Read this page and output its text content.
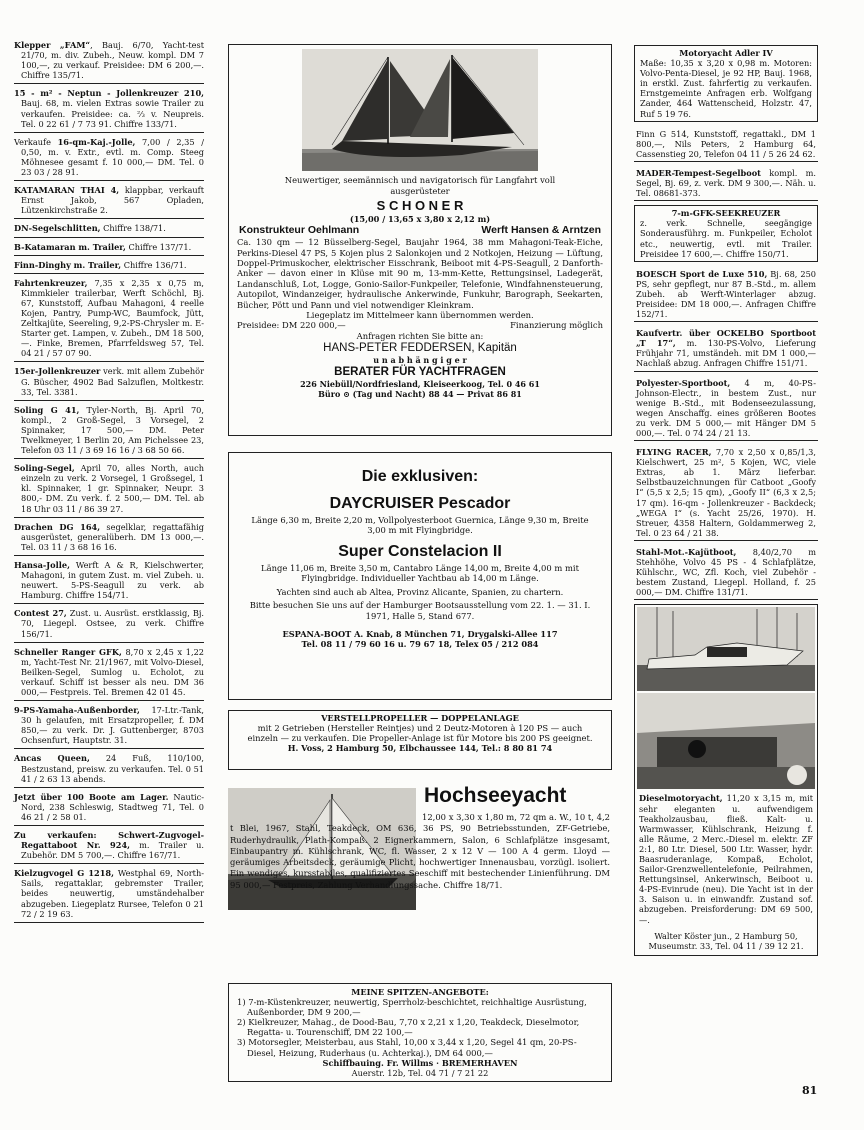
Klepper „FAM“, Bauj. 6/70, Yacht-test 21/70, m. div. Zubeh., Neuw. kompl. DM 7 100,—, zu verkauf. Preisidee: DM 6 200,—. Chiffre 135/71.
15 - m² - Neptun - Jollenkreuzer 210, Bauj. 68, m. vielen Extras sowie Trailer zu verkaufen. Preisidee: ca. ⅔ v. Neupreis. Tel. 0 22 61 / 7 73 91. Chiffre 133/71.
Verkaufe 16-qm-Kaj.-Jolle, 7,00 / 2,35 / 0,50, m. v. Extr., evtl. m. Comp. Steeg Möhnesee gesamt f. 10 000,— DM. Tel. 0 23 03 / 28 91.
KATAMARAN THAI 4, klappbar, verkauft Ernst Jakob, 567 Opladen, Lützenkirchstraße 2.
DN-Segelschlitten, Chiffre 138/71.
B-Katamaran m. Trailer, Chiffre 137/71.
Finn-Dinghy m. Trailer, Chiffre 136/71.
Fahrtenkreuzer, 7,35 x 2,35 x 0,75 m, Kimmkieler trailerbar, Werft Schöchl, Bj. 67, Kunststoff, Aufbau Mahagoni, 4 reelle Kojen, Pantry, Pump-WC, Baumfock, Jütt, Zeltkajüte, Seereling, 9,2-PS-Chrysler m. E-Starter get. Lampen, v. Zubeh., DM 18 500,—. Finke, Bremen, Pfarrfeldsweg 57, Tel. 04 21 / 57 07 90.
15er-Jollenkreuzer verk. mit allem Zubehör G. Büscher, 4902 Bad Salzuflen, Moltkestr. 33, Tel. 3381.
Soling G 41, Tyler-North, Bj. April 70, kompl., 2 Groß-Segel, 3 Vorsegel, 2 Spinnaker, 17 500,— DM. Peter Twelkmeyer, 1 Berlin 20, Am Pichelssee 23, Telefon 03 11 / 3 69 16 16 / 3 68 50 66.
Soling-Segel, April 70, alles North, auch einzeln zu verk. 2 Vorsegel, 1 Großsegel, 1 kl. Spinnaker, 1 gr. Spinnaker, Neupr. 3 800,- DM. Zu verk. f. 2 500,— DM. Tel. ab 18 Uhr 03 11 / 86 39 27.
Drachen DG 164, segelklar, regattafähig ausgerüstet, generalüberh. DM 13 000,—. Tel. 03 11 / 3 68 16 16.
Hansa-Jolle, Werft A & R, Kielschwerter, Mahagoni, in gutem Zust. m. viel Zubeh. u. neuwert. 5-PS-Seagull zu verk. ab Hamburg. Chiffre 154/71.
Contest 27, Zust. u. Ausrüst. erstklassig, Bj. 70, Liegepl. Ostsee, zu verk. Chiffre 156/71.
Schneller Ranger GFK, 8,70 x 2,45 x 1,22 m, Yacht-Test Nr. 21/1967, mit Volvo-Diesel, Beilken-Segel, Sumlog u. Echolot, zu verkauf. Schiff ist besser als neu. DM 36 000,— Festpreis. Tel. Bremen 42 01 45.
9-PS-Yamaha-Außenborder, 17-Ltr.-Tank, 30 h gelaufen, mit Ersatzpropeller, f. DM 850,— zu verk. Dr. J. Guttenberger, 8703 Ochsenfurt, Hauptstr. 31.
Ancas Queen, 24 Fuß, 110/100, Bestzustand, preisw. zu verkaufen. Tel. 0 51 41 / 2 63 13 abends.
Jetzt über 100 Boote am Lager. Nautic-Nord, 238 Schleswig, Stadtweg 71, Tel. 0 46 21 / 2 58 01.
Zu verkaufen: Schwert-Zugvogel-Regattaboot Nr. 924, m. Trailer u. Zubehör. DM 5 700,—. Chiffre 167/71.
Kielzugvogel G 1218, Westphal 69, North-Sails, regattaklar, gebremster Trailer, beides neuwertig, umständehalber abzugeben. Liegeplatz Rursee, Telefon 0 21 72 / 2 19 63.
Neuwertiger, seemännisch und navigatorisch für Langfahrt voll ausgerüsteter
S C H O N E R
(15,00 / 13,65 x 3,80 x 2,12 m)
Konstrukteur Oehlmann	Werft Hansen & Arntzen
Ca. 130 qm — 12 Büsselberg-Segel, Baujahr 1964, 38 mm Mahagoni-Teak-Eiche, Perkins-Diesel 47 PS, 5 Kojen plus 2 Salonkojen und 2 Notkojen, Heizung — Lüftung, Doppel-Primuskocher, elektrischer Eisschrank, Beiboot mit 4-PS-Seagull, 2 Danforth-Anker — davon einer in Klüse mit 90 m, 13-mm-Kette, Rettungsinsel, Ladegerät, Landanschluß, Lot, Logge, Gonio-Sailor-Funkpeiler, Telefonie, Windfahnensteuerung, Autopilot, Windanzeiger, hydraulische Ankerwinde, Funkuhr, Barograph, Seekarten, Bücher, Pött und Pann und viel notwendiger Kleinkram.
Liegeplatz im Mittelmeer kann übernommen werden.
Preisidee: DM 220 000,—	Finanzierung möglich
Anfragen richten Sie bitte an:
HANS-PETER FEDDERSEN, Kapitän
u n a b h ä n g i g e r
BERATER FÜR YACHTFRAGEN
226 Niebüll/Nordfriesland, Kleiseerkoog, Tel. 0 46 61
Büro ⊙ (Tag und Nacht) 88 44 — Privat 86 81
Die exklusiven:
DAYCRUISER Pescador
Länge 6,30 m, Breite 2,20 m, Vollpolyesterboot Guernica, Länge 9,30 m, Breite 3,00 m mit Flyingbridge.
Super Constelacion II
Länge 11,06 m, Breite 3,50 m, Cantabro Länge 14,00 m, Breite 4,00 m mit Flyingbridge. Individueller Yachtbau ab 14,00 m Länge.
Yachten sind auch ab Altea, Provinz Alicante, Spanien, zu chartern.
Bitte besuchen Sie uns auf der Hamburger Bootsausstellung vom 22. 1. — 31. I. 1971, Halle 5, Stand 677.
ESPANA-BOOT A. Knab, 8 München 71, Drygalski-Allee 117
Tel. 08 11 / 79 60 16 u. 79 67 18, Telex 05 / 212 084
VERSTELLPROPELLER — DOPPELANLAGE
mit 2 Getrieben (Hersteller Reintjes) und 2 Deutz-Motoren à 120 PS — auch einzeln — zu verkaufen. Die Propeller-Anlage ist für Motore bis 200 PS geeignet.
H. Voss, 2 Hamburg 50, Elbchaussee 144, Tel.: 8 80 81 74
Hochseeyacht
12,00 x 3,30 x 1,80 m, 72 qm a. W., 10 t, 4,2 t Blei, 1967, Stahl, Teakdeck, OM 636, 36 PS, 90 Betriebsstunden, ZF-Getriebe, Ruderhydraulik, Plath-Kompaß. 2 Eignerkammern, Salon, 6 Schlafplätze insgesamt, Einbaupantry m. Kühlschrank, WC, fl. Wasser, 2 x 12 V — 100 A 4 germ. Lloyd — geräumiges Arbeitsdeck, geräumige Plicht, hochwertiger Innenausbau, vorzügl. isoliert. Ein wendiges, kursstabiles, qualifiziertes Seeschiff mit bestechender Linienführung. DM 95 000,— Festpreis, Zahlung Verhandlungssache. Chiffre 18/71.
MEINE SPITZEN-ANGEBOTE:
1) 7-m-Küstenkreuzer, neuwertig, Sperrholz-beschichtet, reichhaltige Ausrüstung, Außenborder, DM 9 200,—
2) Kielkreuzer, Mahag., de Dood-Bau, 7,70 x 2,21 x 1,20, Teakdeck, Dieselmotor, Regatta- u. Tourenschiff, DM 22 100,—
3) Motorsegler, Meisterbau, aus Stahl, 10,00 x 3,44 x 1,20, Segel 41 qm, 20-PS-Diesel, Heizung, Ruderhaus (u. Achterkaj.), DM 64 000,—
Schiffbauing. Fr. Willms · BREMERHAVEN
Auerstr. 12b, Tel. 04 71 / 7 21 22
Motoryacht Adler IV
Maße: 10,35 x 3,20 x 0,98 m. Motoren: Volvo-Penta-Diesel, je 92 HP, Bauj. 1968, in erstkl. Zust. fahrfertig zu verkaufen. Ernstgemeinte Anfragen erb. Wolfgang Zander, 464 Wattenscheid, Holzstr. 47, Ruf 5 19 76.
Finn G 514, Kunststoff, regattakl., DM 1 800,—, Nils Peters, 2 Hamburg 64, Cassenstieg 20, Telefon 04 11 / 5 26 24 62.
MADER-Tempest-Segelboot kompl. m. Segel, Bj. 69, z. verk. DM 9 300,—. Näh. u. Tel. 08681-373.
7-m-GFK-SEEKREUZER
z. verk. Schnelle, seegängige Sonderausführg. m. Funkpeiler, Echolot etc., neuwertig, evtl. mit Trailer. Preisidee 17 600,—. Chiffre 150/71.
BOESCH Sport de Luxe 510, Bj. 68, 250 PS, sehr gepflegt, nur 87 B.-Std., m. allem Zubeh. ab Werft-Winterlager abzug. Preisidee: DM 18 000,—. Anfragen Chiffre 152/71.
Kaufvertr. über OCKELBO Sportboot „T 17“, m. 130-PS-Volvo, Lieferung Frühjahr 71, umständeh. mit DM 1 000,— Nachlaß abzug. Anfragen Chiffre 151/71.
Polyester-Sportboot, 4 m, 40-PS-Johnson-Electr., in bestem Zust., nur wenige B.-Std., mit Bodenseezulassung, wegen Anschaffg. eines größeren Bootes zu verk. DM 5 000,— mit Hänger DM 5 000,—. Tel. 0 74 24 / 21 13.
FLYING RACER, 7,70 x 2,50 x 0,85/1,3, Kielschwert, 25 m², 5 Kojen, WC, viele Extras, ab 1. März lieferbar. Selbstbauzeichnungen für Catboot „Goofy I“ (5,5 x 2,5; 15 qm), „Goofy II“ (6,3 x 2,5; 17 qm). 16-qm - Jollenkreuzer - Backdeck; „WEGA I“ (s. Yacht 25/26, 1970). H. Streuer, 4358 Haltern, Goldammerweg 2, Tel. 0 23 64 / 21 38.
Stahl-Mot.-Kajütboot, 8,40/2,70 m Stehhöhe, Volvo 45 PS - 4 Schlafplätze, Kühlschr., WC, Zfl. Koch, viel Zubehör - bestem Zustand, Liegepl. Holland, f. 25 000,— DM. Chiffre 131/71.
Dieselmotoryacht, 11,20 x 3,15 m, mit sehr eleganten u. aufwendigem Teakholzausbau, fließ. Kalt- u. Warmwasser, Kühlschrank, Heizung f. alle Räume, 2 Merc.-Diesel m. elektr. ZF 2:1, 80 Ltr. Diesel, 500 Ltr. Wasser, hydr. Baasruderanlage, Kompaß, Echolot, Sailor-Grenzwellentelefonie, Peilrahmen, Rettungsinsel, Ankerwinsch, Beiboot u. 4-PS-Evinrude (neu). Die Yacht ist in der 3. Saison u. in einwandfr. Zustand sof. abzugeben. Preisforderung: DM 69 500,—.
Walter Köster jun., 2 Hamburg 50, Museumstr. 33, Tel. 04 11 / 39 12 21.
81
